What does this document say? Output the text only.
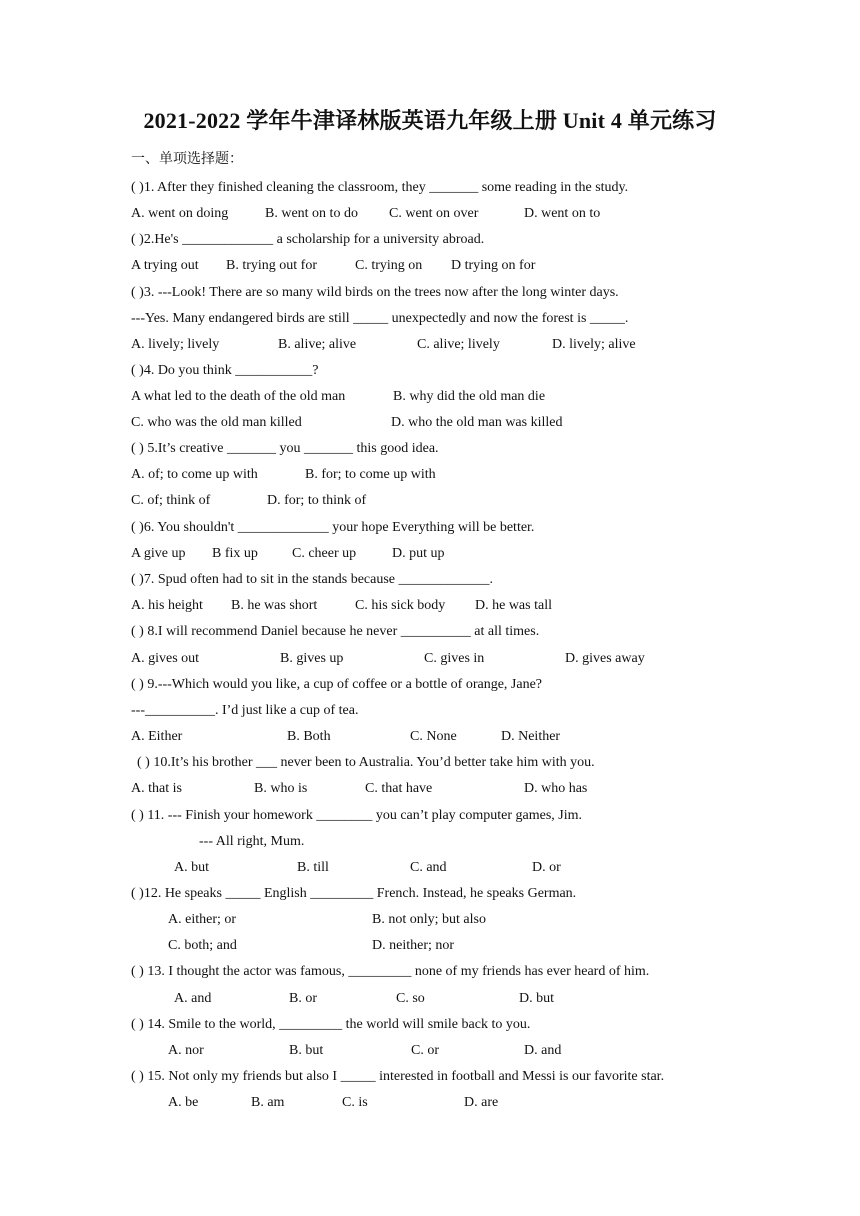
2021-2022 学年牛津译林版英语九年级上册 Unit 4 单元练习
一、单项选择题：
( )1. After they finished cleaning the classroom, they _______ some reading in the study.
A. went on doing	B. went on to do C. went on over	D. went on to
( )2.He's _____________ a scholarship for a university abroad.
A trying out B. trying out for	C. trying on D trying on for
( )3. ---Look! There are so many wild birds on the trees now after the long winter days.
---Yes. Many endangered birds are still _____ unexpectedly and now the forest is _____.
A. lively; lively	B. alive; alive	C. alive; lively	D. lively; alive
( )4. Do you think ___________?
A what led to the death of the old man	B. why did the old man die
C. who was the old man killed	D. who the old man was killed
( ) 5.It’s creative _______ you _______ this good idea.
A. of; to come up with	B. for; to come up with
C. of; think of	D. for; to think of
( )6. You shouldn't _____________ your hope Everything will be better.
A give up B fix up C. cheer up	D. put up
( )7. Spud often had to sit in the stands because _____________.
A. his height B. he was short	C. his sick body D. he was tall
( ) 8.I will recommend Daniel because he never __________ at all times.
A. gives out	B. gives up	C. gives in	D. gives away
( ) 9.---Which would you like, a cup of coffee or a bottle of orange, Jane?
---__________. I’d just like a cup of tea.
A. Either	B. Both	C. None	D. Neither
( ) 10.It’s his brother ___ never been to Australia. You’d better take him with you.
A. that is	B. who is	C. that have	D. who has
( ) 11. --- Finish your homework ________ you can’t play computer games, Jim.
--- All right, Mum.
A. but	B. till	C. and	D. or
( )12. He speaks _____ English _________ French. Instead, he speaks German.
A. either; or	B. not only; but also
C. both; and	D. neither; nor
( ) 13. I thought the actor was famous, _________ none of my friends has ever heard of him.
A. and	B. or	C. so	D. but
( ) 14. Smile to the world, _________ the world will smile back to you.
A. nor	B. but	C. or	D. and
( ) 15. Not only my friends but also I _____ interested in football and Messi is our favorite star.
A. be	B. am	C. is	D. are
